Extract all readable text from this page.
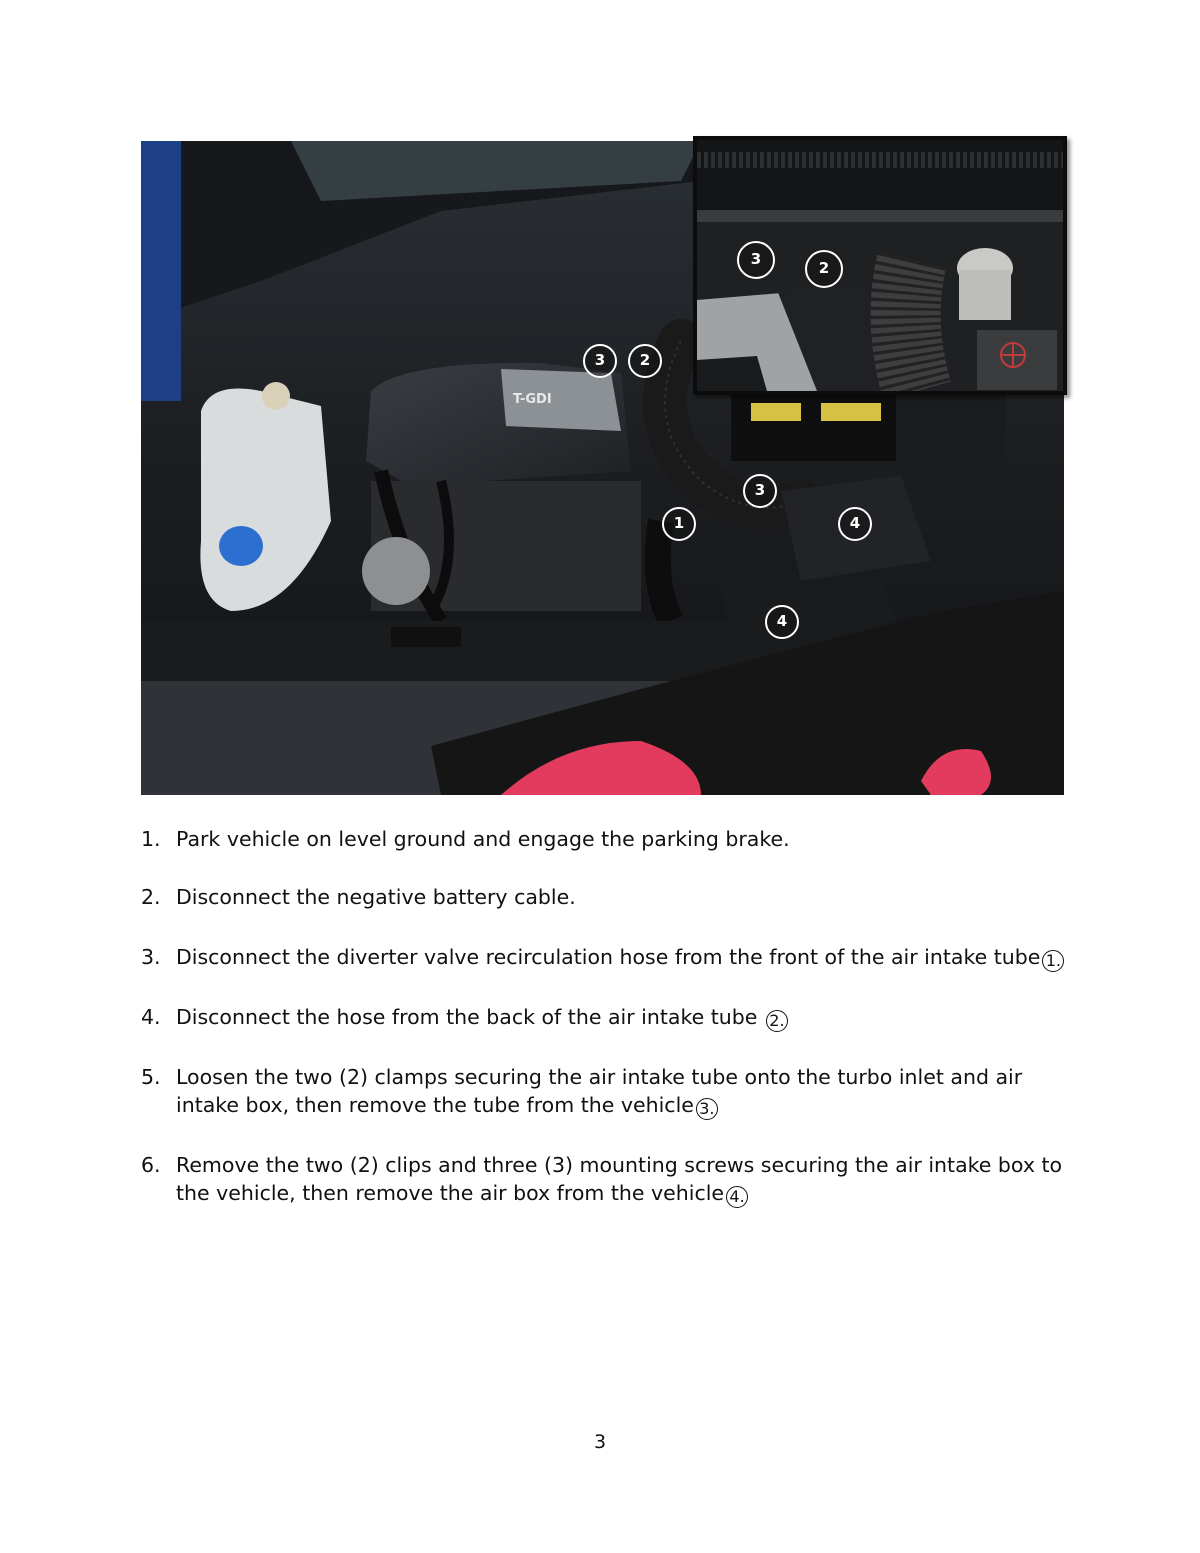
T-GDI
3	2
1
3
4
4
3	2
1. Park vehicle on level ground and engage the parking brake.
2. Disconnect the negative battery cable.
3. Disconnect the diverter valve recirculation hose from the front of the air intake tube 1.
4. Disconnect the hose from the back of the air intake tube 2.
5. Loosen the two (2) clamps securing the air intake tube onto the turbo inlet and air intake box, then remove the tube from the vehicle 3.
6. Remove the two (2) clips and three (3) mounting screws securing the air intake box to the vehicle, then remove the air box from the vehicle 4.
3
